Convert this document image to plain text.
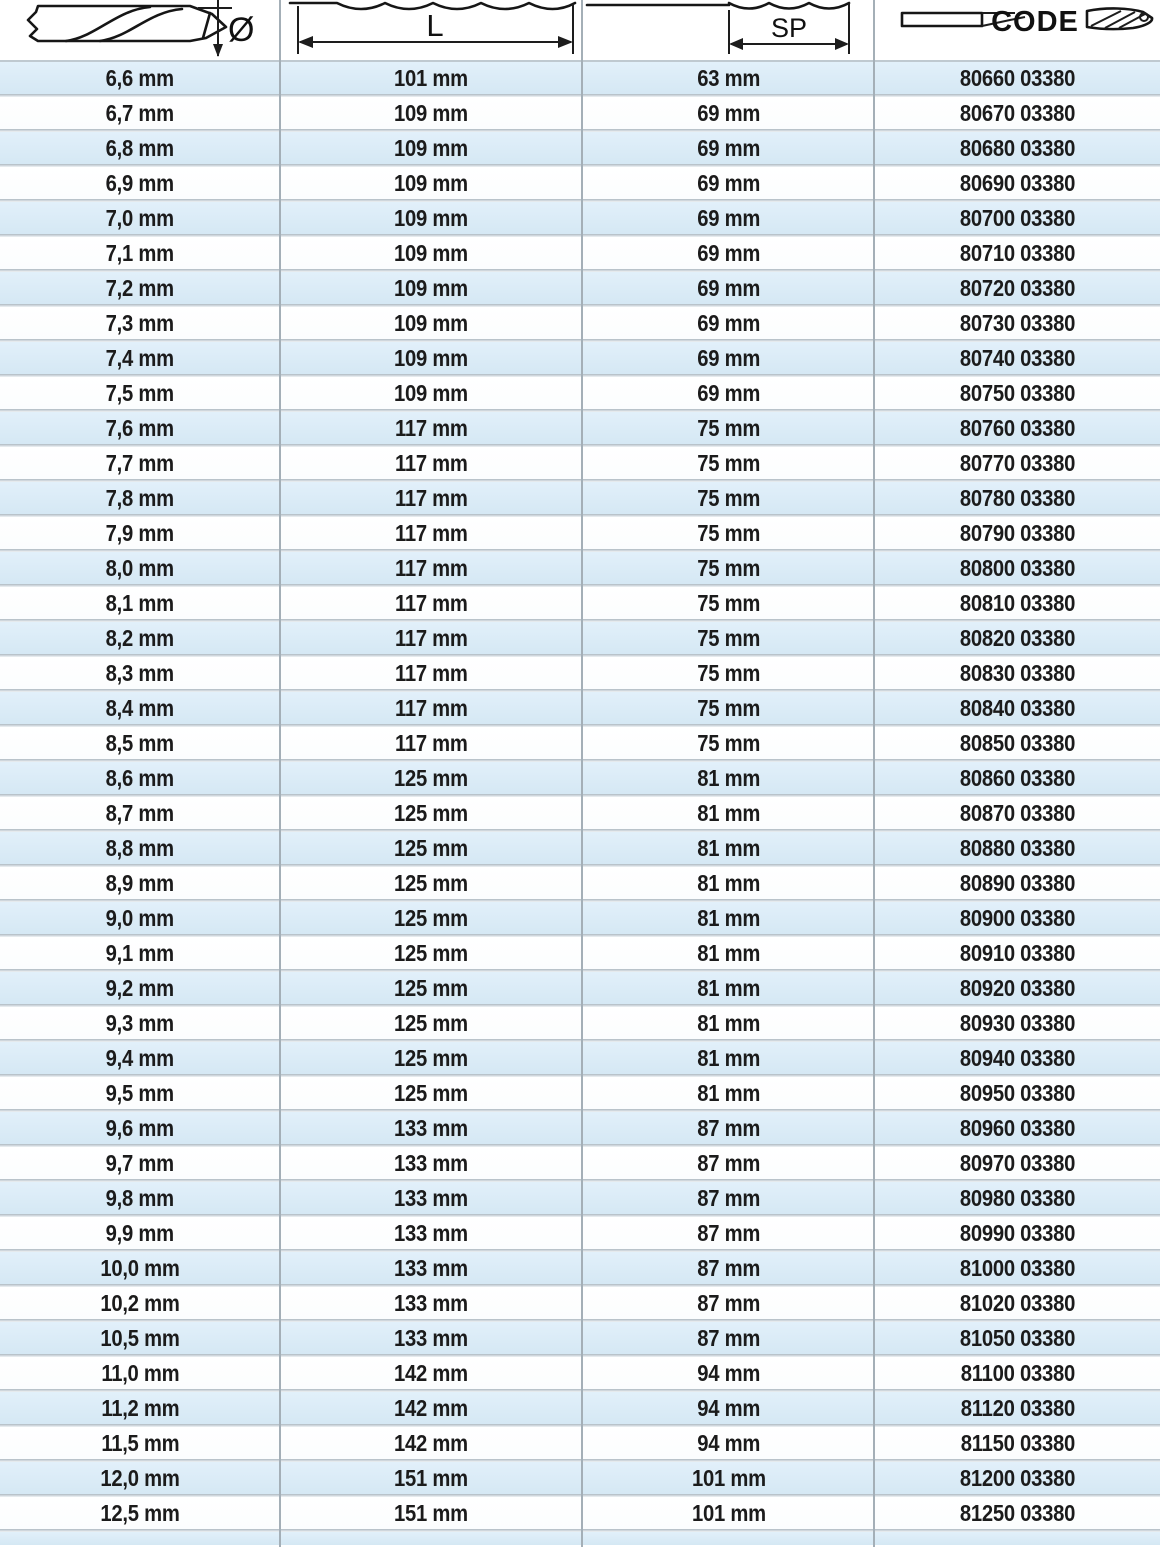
Ø	L	SP	CODE
6,6 mm	101 mm	63 mm	80660 03380
6,7 mm	109 mm	69 mm	80670 03380
6,8 mm	109 mm	69 mm	80680 03380
6,9 mm	109 mm	69 mm	80690 03380
7,0 mm	109 mm	69 mm	80700 03380
7,1 mm	109 mm	69 mm	80710 03380
7,2 mm	109 mm	69 mm	80720 03380
7,3 mm	109 mm	69 mm	80730 03380
7,4 mm	109 mm	69 mm	80740 03380
7,5 mm	109 mm	69 mm	80750 03380
7,6 mm	117 mm	75 mm	80760 03380
7,7 mm	117 mm	75 mm	80770 03380
7,8 mm	117 mm	75 mm	80780 03380
7,9 mm	117 mm	75 mm	80790 03380
8,0 mm	117 mm	75 mm	80800 03380
8,1 mm	117 mm	75 mm	80810 03380
8,2 mm	117 mm	75 mm	80820 03380
8,3 mm	117 mm	75 mm	80830 03380
8,4 mm	117 mm	75 mm	80840 03380
8,5 mm	117 mm	75 mm	80850 03380
8,6 mm	125 mm	81 mm	80860 03380
8,7 mm	125 mm	81 mm	80870 03380
8,8 mm	125 mm	81 mm	80880 03380
8,9 mm	125 mm	81 mm	80890 03380
9,0 mm	125 mm	81 mm	80900 03380
9,1 mm	125 mm	81 mm	80910 03380
9,2 mm	125 mm	81 mm	80920 03380
9,3 mm	125 mm	81 mm	80930 03380
9,4 mm	125 mm	81 mm	80940 03380
9,5 mm	125 mm	81 mm	80950 03380
9,6 mm	133 mm	87 mm	80960 03380
9,7 mm	133 mm	87 mm	80970 03380
9,8 mm	133 mm	87 mm	80980 03380
9,9 mm	133 mm	87 mm	80990 03380
10,0 mm	133 mm	87 mm	81000 03380
10,2 mm	133 mm	87 mm	81020 03380
10,5 mm	133 mm	87 mm	81050 03380
11,0 mm	142 mm	94 mm	81100 03380
11,2 mm	142 mm	94 mm	81120 03380
11,5 mm	142 mm	94 mm	81150 03380
12,0 mm	151 mm	101 mm	81200 03380
12,5 mm	151 mm	101 mm	81250 03380
